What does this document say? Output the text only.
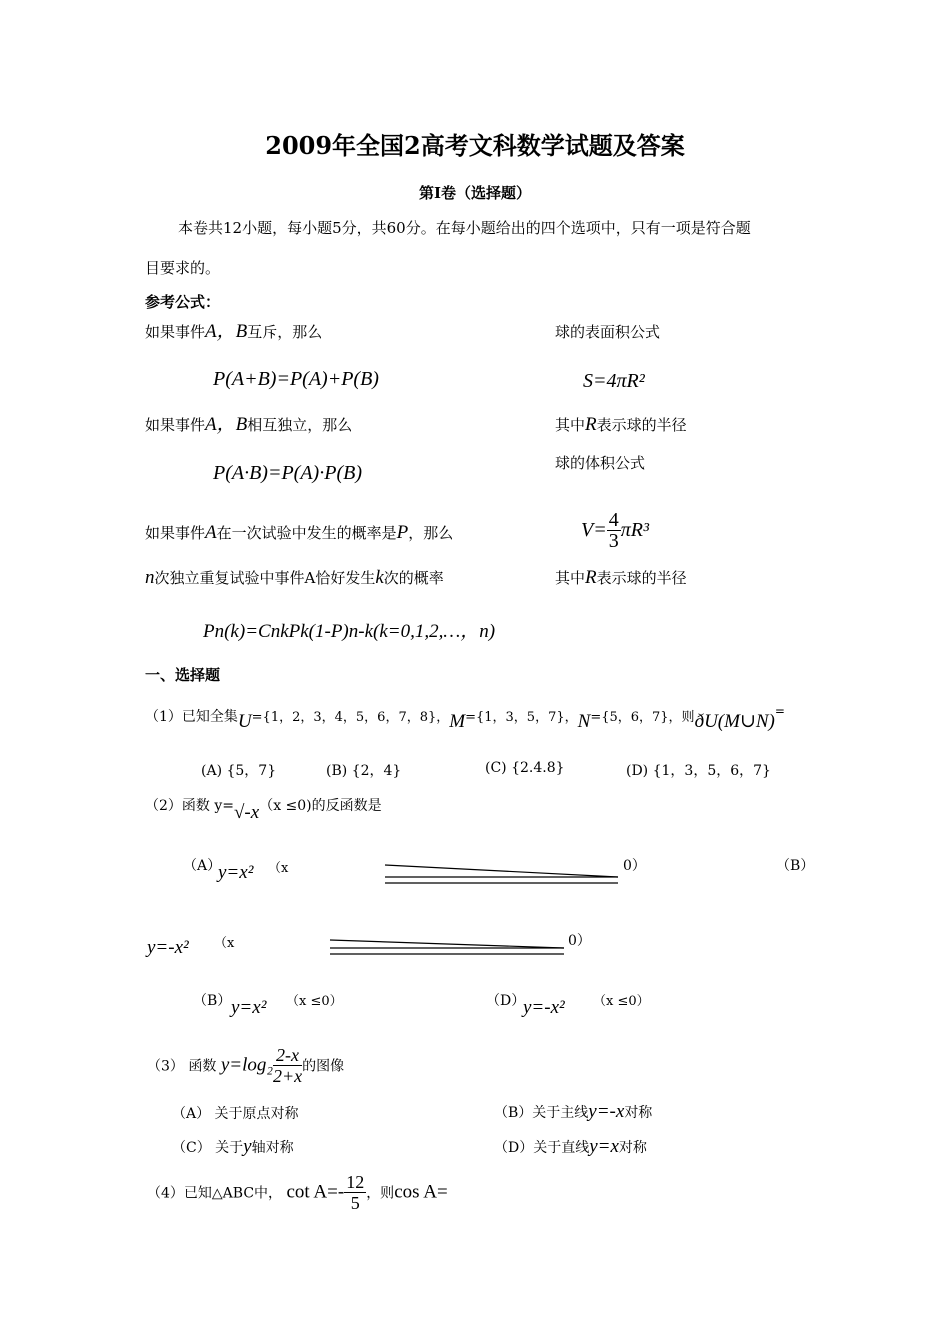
2009年全国2高考文科数学试题及答案
第Ⅰ卷（选择题）
本卷共12小题，每小题5分，共60分。在每小题给出的四个选项中，只有一项是符合题
目要求的。
参考公式：
如果事件A，B互斥，那么
P(A+B)=P(A)+P(B)
如果事件A，B相互独立，那么
P(A·B)=P(A)·P(B)
如果事件A在一次试验中发生的概率是P，那么
n次独立重复试验中事件A恰好发生k次的概率
Pn(k)=CnkPk(1-P)n-k(k=0,1,2,…，n)
球的表面积公式
S=4πR²
其中R表示球的半径
球的体积公式
$V= \frac{4}{3} \pi R^3$
其中R表示球的半径
一、选择题
（1）已知全集U={1，2，3，4，5，6，7，8}，M={1，3，5，7}，N={5，6，7}，则ðU(M∪N)=
(A) {5，7}	(B) {2，4}	(C) {2.4.8}	(D) {1，3，5，6，7}
（2）函数 y=√-x（x ≤0)的反函数是
（A）
y=x² （x	0）	（B）
y=-x² （x	0）
（B） y=x² （x ≤0）	（D）
y=-x² （x ≤0）
（3） 函数 $y=\log_2 \frac{2-x}{2+x}$ 的图像
（A） 关于原点对称	（B）关于主线y=-x对称
（C） 关于y轴对称	（D）关于直线y=x对称
（4）已知△ABC中， $\cot A=- \frac{12}{5}$ ，则cos A=
